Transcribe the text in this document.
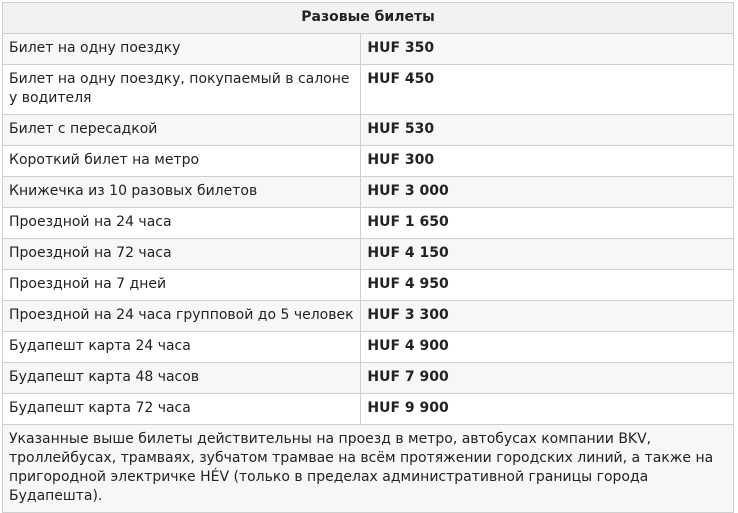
Разовые билеты	
Билет на одну поездку	HUF 350
Билет на одну поездку, покупаемый в салоне у водителя	HUF 450
Билет с пересадкой	HUF 530
Короткий билет на метро	HUF 300
Книжечка из 10 разовых билетов	HUF 3 000
Проездной на 24 часа	HUF 1 650
Проездной на 72 часа	HUF 4 150
Проездной на 7 дней	HUF 4 950
Проездной на 24 часа групповой до 5 человек	HUF 3 300
Будапешт карта 24 часа	HUF 4 900
Будапешт карта 48 часов	HUF 7 900
Будапешт карта 72 часа	HUF 9 900
Указанные выше билеты действительны на проезд в метро, автобусах компании BKV, троллейбусах, трамваях, зубчатом трамвае на всём протяжении городских линий, а также на пригородной электричке HÉV (только в пределах административной границы города Будапешта).	
